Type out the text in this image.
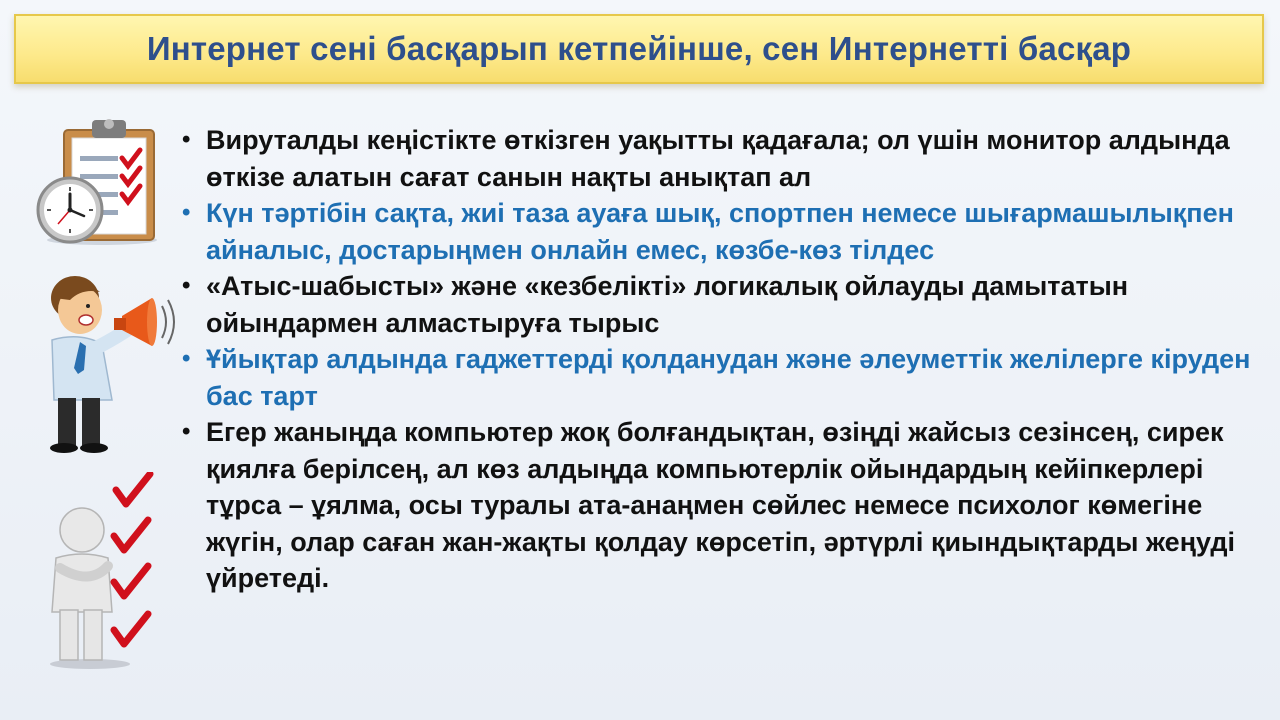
Интернет сені басқарып кетпейінше, сен Интернетті басқар
• Вируталды кеңістікте өткізген уақытты қадағала; ол үшін монитор алдында өткізе алатын сағат санын нақты анықтап ал
• Күн тәртібін сақта, жиі таза ауаға шық, спортпен немесе шығармашылықпен айналыс, достарыңмен онлайн емес, көзбе-көз тілдес
• «Атыс-шабысты» және «кезбелікті» логикалық ойлауды дамытатын ойындармен алмастыруға тырыс
• Ұйықтар алдында гаджеттерді қолданудан және әлеуметтік желілерге кіруден бас тарт
• Егер жаныңда компьютер жоқ болғандықтан, өзіңді жайсыз сезінсең, сирек қиялға берілсең, ал көз алдыңда компьютерлік ойындардың кейіпкерлері тұрса – ұялма, осы туралы ата-анаңмен сөйлес немесе психолог көмегіне жүгін, олар саған жан-жақты қолдау көрсетіп, әртүрлі қиындықтарды жеңуді үйретеді.
